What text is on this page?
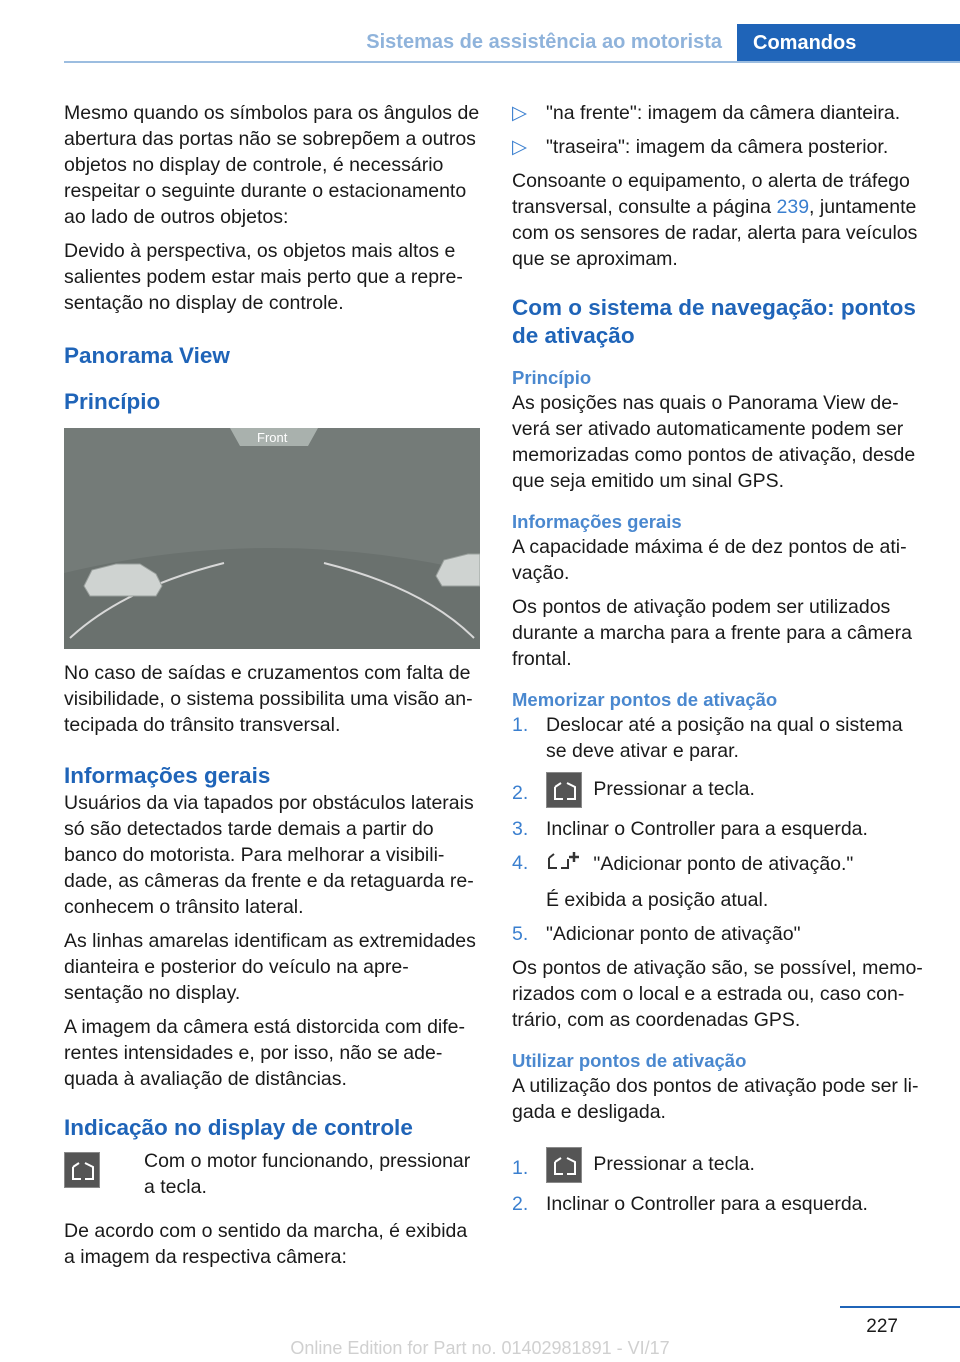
Sistemas de assistência ao motorista	Comandos

Mesmo quando os símbolos para os ângulos de abertura das portas não se sobrepõem a outros objetos no display de controle, é necessário respeitar o seguinte durante o estacionamento ao lado de outros objetos:

Devido à perspectiva, os objetos mais altos e salientes podem estar mais perto que a representação no display de controle.

Panorama View
Princípio
Front

No caso de saídas e cruzamentos com falta de visibilidade, o sistema possibilita uma visão antecipada do trânsito transversal.

Informações gerais

Usuários da via tapados por obstáculos laterais só são detectados tarde demais a partir do banco do motorista. Para melhorar a visibilidade, as câmeras da frente e da retaguarda reconhecem o trânsito lateral.

As linhas amarelas identificam as extremidades dianteira e posterior do veículo na apresentação no display.

A imagem da câmera está distorcida com diferentes intensidades e, por isso, não se adequada à avaliação de distâncias.

Indicação no display de controle
Com o motor funcionando, pressionar a tecla.

De acordo com o sentido da marcha, é exibida a imagem da respectiva câmera:

▷ "na frente": imagem da câmera dianteira.
▷ "traseira": imagem da câmera posterior.

Consoante o equipamento, o alerta de tráfego transversal, consulte a página 239, juntamente com os sensores de radar, alerta para veículos que se aproximam.

Com o sistema de navegação: pontos de ativação
Princípio

As posições nas quais o Panorama View deverá ser ativado automaticamente podem ser memorizadas como pontos de ativação, desde que seja emitido um sinal GPS.

Informações gerais

A capacidade máxima é de dez pontos de ativação.

Os pontos de ativação podem ser utilizados durante a marcha para a frente para a câmera frontal.

Memorizar pontos de ativação
1. Deslocar até a posição na qual o sistema se deve ativar e parar.
2.	Pressionar a tecla.
3. Inclinar o Controller para a esquerda.
4.	"Adicionar ponto de ativação."
É exibida a posição atual.
5. "Adicionar ponto de ativação"

Os pontos de ativação são, se possível, memorizados com o local e a estrada ou, caso contrário, com as coordenadas GPS.

Utilizar pontos de ativação

A utilização dos pontos de ativação pode ser ligada e desligada.

1.	Pressionar a tecla.
2. Inclinar o Controller para a esquerda.
227
Online Edition for Part no. 01402981891 - VI/17
